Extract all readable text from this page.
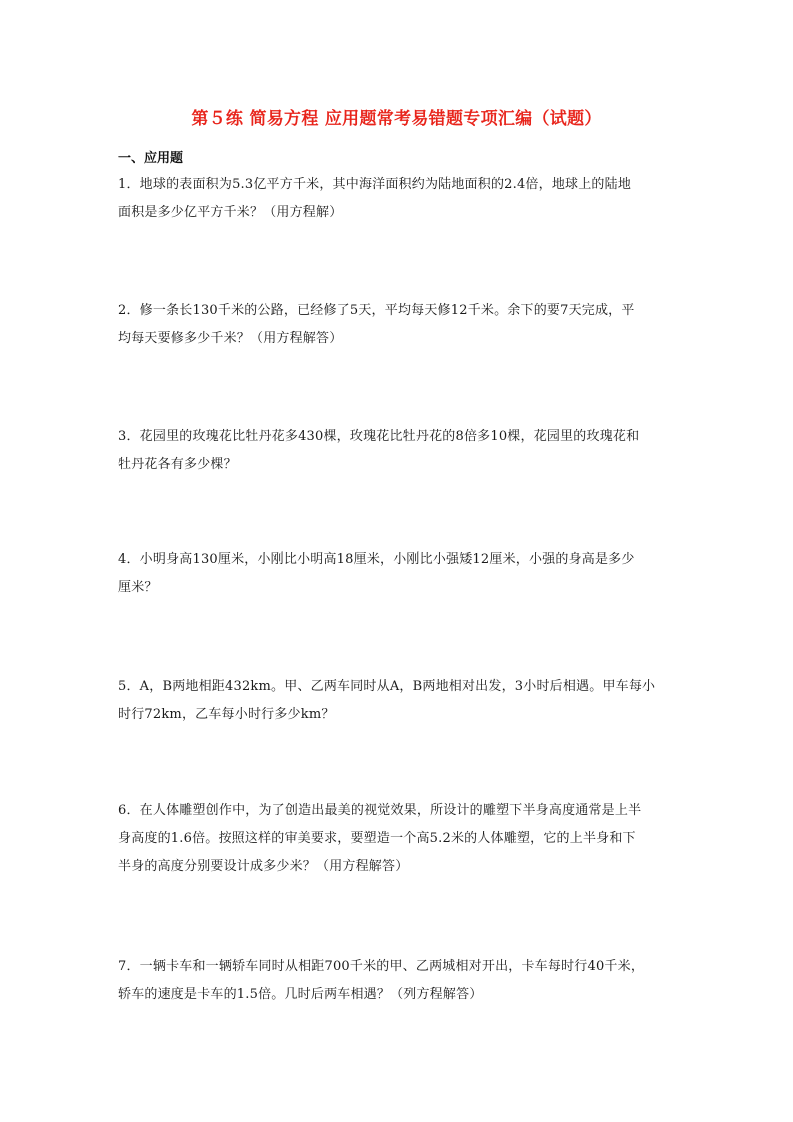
第５练 简易方程 应用题常考易错题专项汇编（试题）
一、应用题
1．地球的表面积为5.3亿平方千米，其中海洋面积约为陆地面积的2.4倍，地球上的陆地
面积是多少亿平方千米？（用方程解）
2．修一条长130千米的公路，已经修了5天，平均每天修12千米。余下的要7天完成，平
均每天要修多少千米？（用方程解答）
3．花园里的玫瑰花比牡丹花多430棵，玫瑰花比牡丹花的8倍多10棵，花园里的玫瑰花和
牡丹花各有多少棵？
4．小明身高130厘米，小刚比小明高18厘米，小刚比小强矮12厘米，小强的身高是多少
厘米？
5．A，B两地相距432km。甲、乙两车同时从A，B两地相对出发，3小时后相遇。甲车每小
时行72km，乙车每小时行多少km？
6．在人体雕塑创作中，为了创造出最美的视觉效果，所设计的雕塑下半身高度通常是上半
身高度的1.6倍。按照这样的审美要求，要塑造一个高5.2米的人体雕塑，它的上半身和下
半身的高度分别要设计成多少米？（用方程解答）
7．一辆卡车和一辆轿车同时从相距700千米的甲、乙两城相对开出，卡车每时行40千米，
轿车的速度是卡车的1.5倍。几时后两车相遇？（列方程解答）
